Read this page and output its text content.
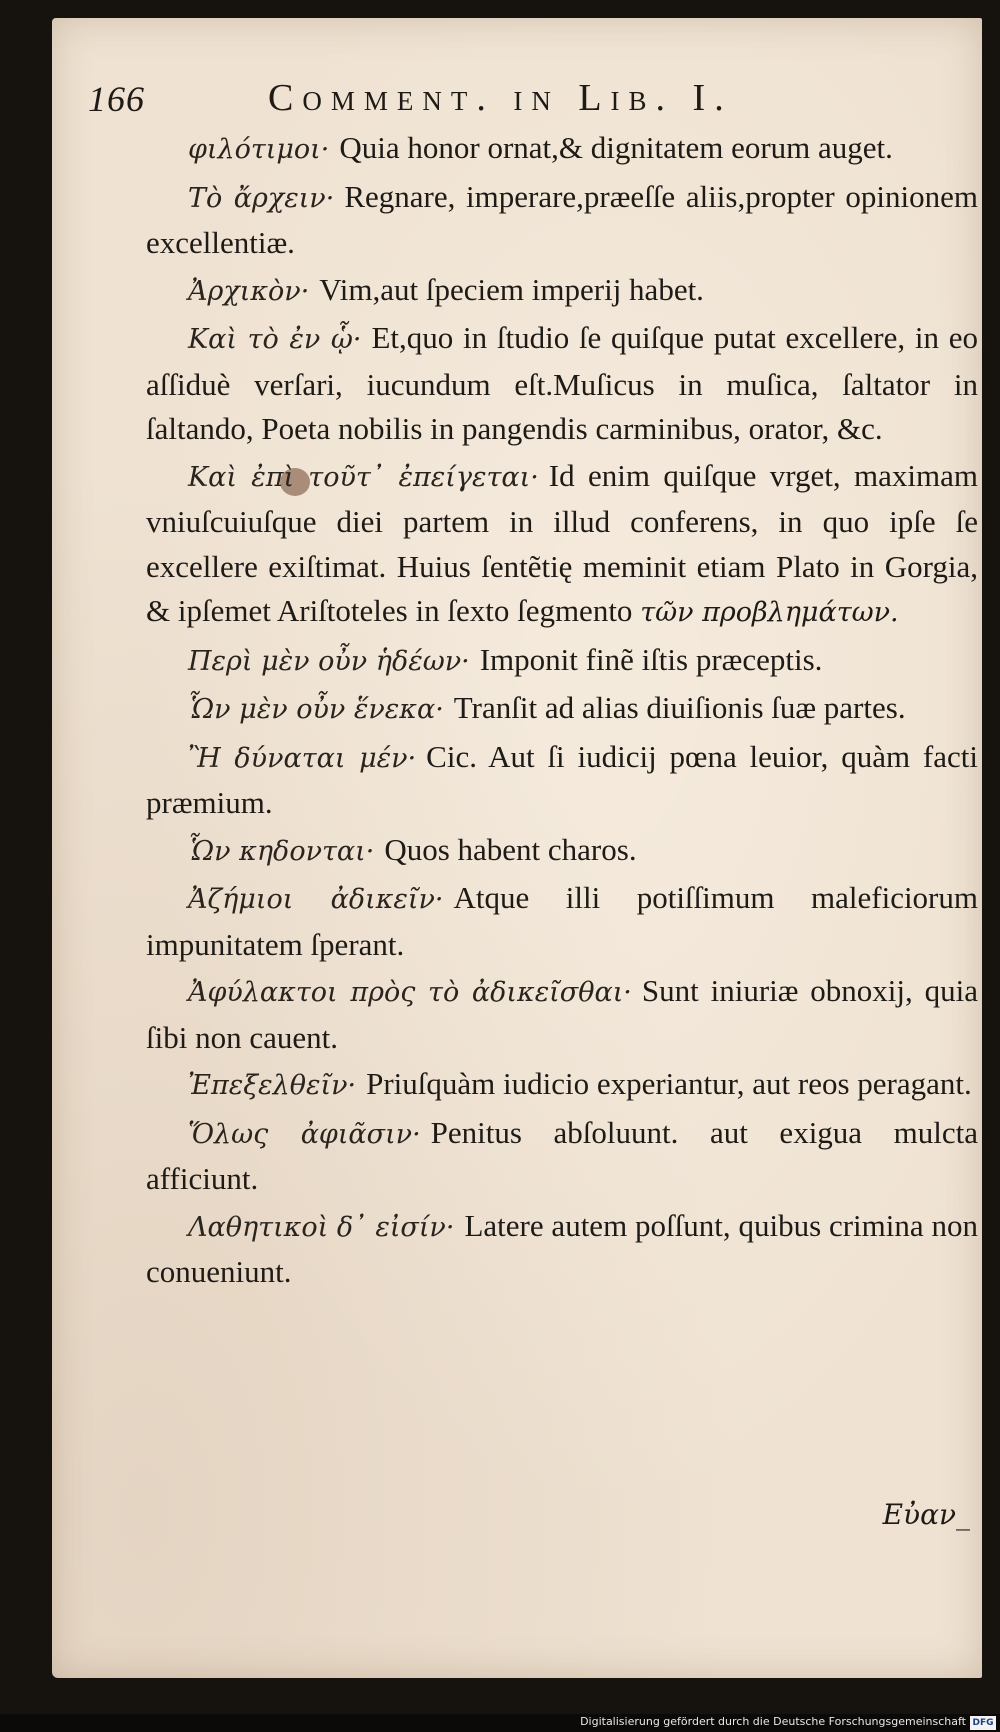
166	Comment. in Lib. I.

φιλότιμοι· Quia honor ornat,& dignitatem eorum auget.

Τὸ ἄρχειν· Regnare, imperare,præeſſe aliis,propter opinionem excellentiæ.

Ἀρχικὸν· Vim,aut ſpeciem imperij habet.

Καὶ τὸ ἐν ᾧ· Et,quo in ſtudio ſe quiſque putat excellere, in eo aſſiduè verſari, iucundum eſt.Muſicus in muſica, ſaltator in ſaltando, Poeta nobilis in pangendis carminibus, orator, &c.

Καὶ ἐπὶ τοῦτ᾽ ἐπείγεται· Id enim quiſque vrget, maximam vniuſcuiuſque diei partem in illud conferens, in quo ipſe ſe excellere exiſtimat. Huius ſentẽtię meminit etiam Plato in Gorgia, & ipſemet Ariſtoteles in ſexto ſegmento τῶν προβλημάτων.

Περὶ μὲν οὖν ἡδέων· Imponit finẽ iſtis præceptis.

Ὧν μὲν οὖν ἕνεκα· Tranſit ad alias diuiſionis ſuæ partes.

Ἢ δύναται μέν· Cic. Aut ſi iudicij pœna leuior, quàm facti præmium.

Ὧν κηδονται· Quos habent charos.

Ἀζήμιοι ἀδικεῖν· Atque illi potiſſimum maleficiorum impunitatem ſperant.

Ἀφύλακτοι πρὸς τὸ ἀδικεῖσθαι· Sunt iniuriæ obnoxij, quia ſibi non cauent.

Ἐπεξελθεῖν· Priuſquàm iudicio experiantur, aut reos peragant.

Ὅλως ἀφιᾶσιν· Penitus abſoluunt. aut exigua mulcta afficiunt.

Λαθητικοὶ δ᾽ εἰσίν· Latere autem poſſunt, quibus crimina non conueniunt.

Εὐαν_
Digitalisierung gefördert durch die Deutsche Forschungsgemeinschaft DFG
